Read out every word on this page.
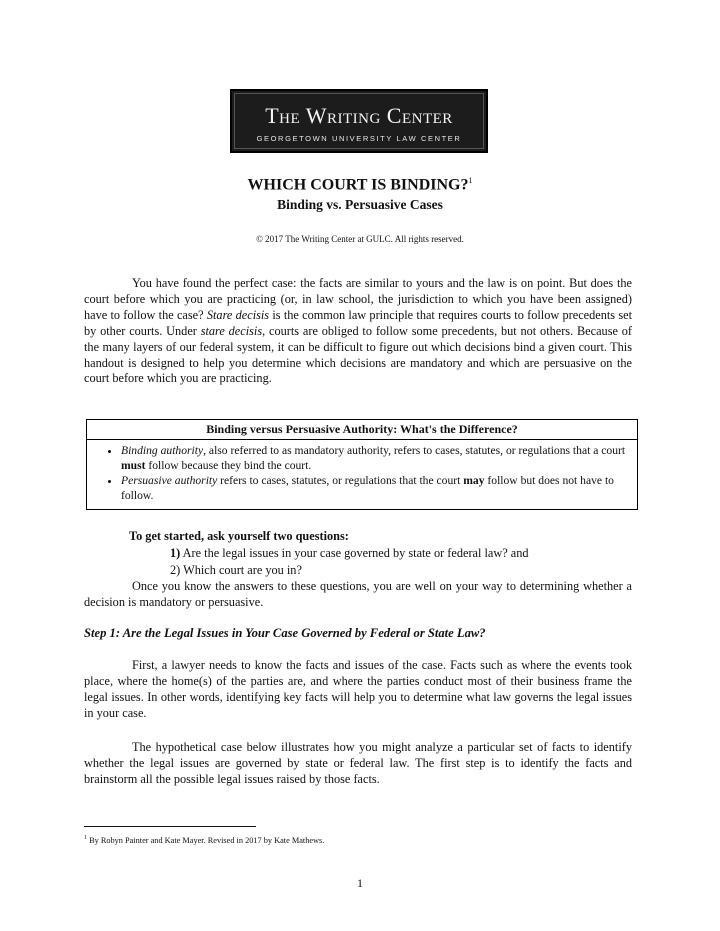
The Writing Center
GEORGETOWN UNIVERSITY LAW CENTER
WHICH COURT IS BINDING?$^1$
Binding vs. Persuasive Cases
© 2017 The Writing Center at GULC. All rights reserved.

You have found the perfect case: the facts are similar to yours and the law is on point. But does the court before which you are practicing (or, in law school, the jurisdiction to which you have been assigned) have to follow the case? Stare decisis is the common law principle that requires courts to follow precedents set by other courts. Under stare decisis, courts are obliged to follow some precedents, but not others. Because of the many layers of our federal system, it can be difficult to figure out which decisions bind a given court. This handout is designed to help you determine which decisions are mandatory and which are persuasive on the court before which you are practicing.

Binding versus Persuasive Authority: What's the Difference?
• Binding authority, also referred to as mandatory authority, refers to cases, statutes, or regulations that a court must follow because they bind the court.
• Persuasive authority refers to cases, statutes, or regulations that the court may follow but does not have to follow.
To get started, ask yourself two questions:
1) Are the legal issues in your case governed by state or federal law? and
2) Which court are you in?

Once you know the answers to these questions, you are well on your way to determining whether a decision is mandatory or persuasive.

Step 1: Are the Legal Issues in Your Case Governed by Federal or State Law?

First, a lawyer needs to know the facts and issues of the case. Facts such as where the events took place, where the home(s) of the parties are, and where the parties conduct most of their business frame the legal issues. In other words, identifying key facts will help you to determine what law governs the legal issues in your case.

The hypothetical case below illustrates how you might analyze a particular set of facts to identify whether the legal issues are governed by state or federal law. The first step is to identify the facts and brainstorm all the possible legal issues raised by those facts.

$^1$ By Robyn Painter and Kate Mayer. Revised in 2017 by Kate Mathews.
1
